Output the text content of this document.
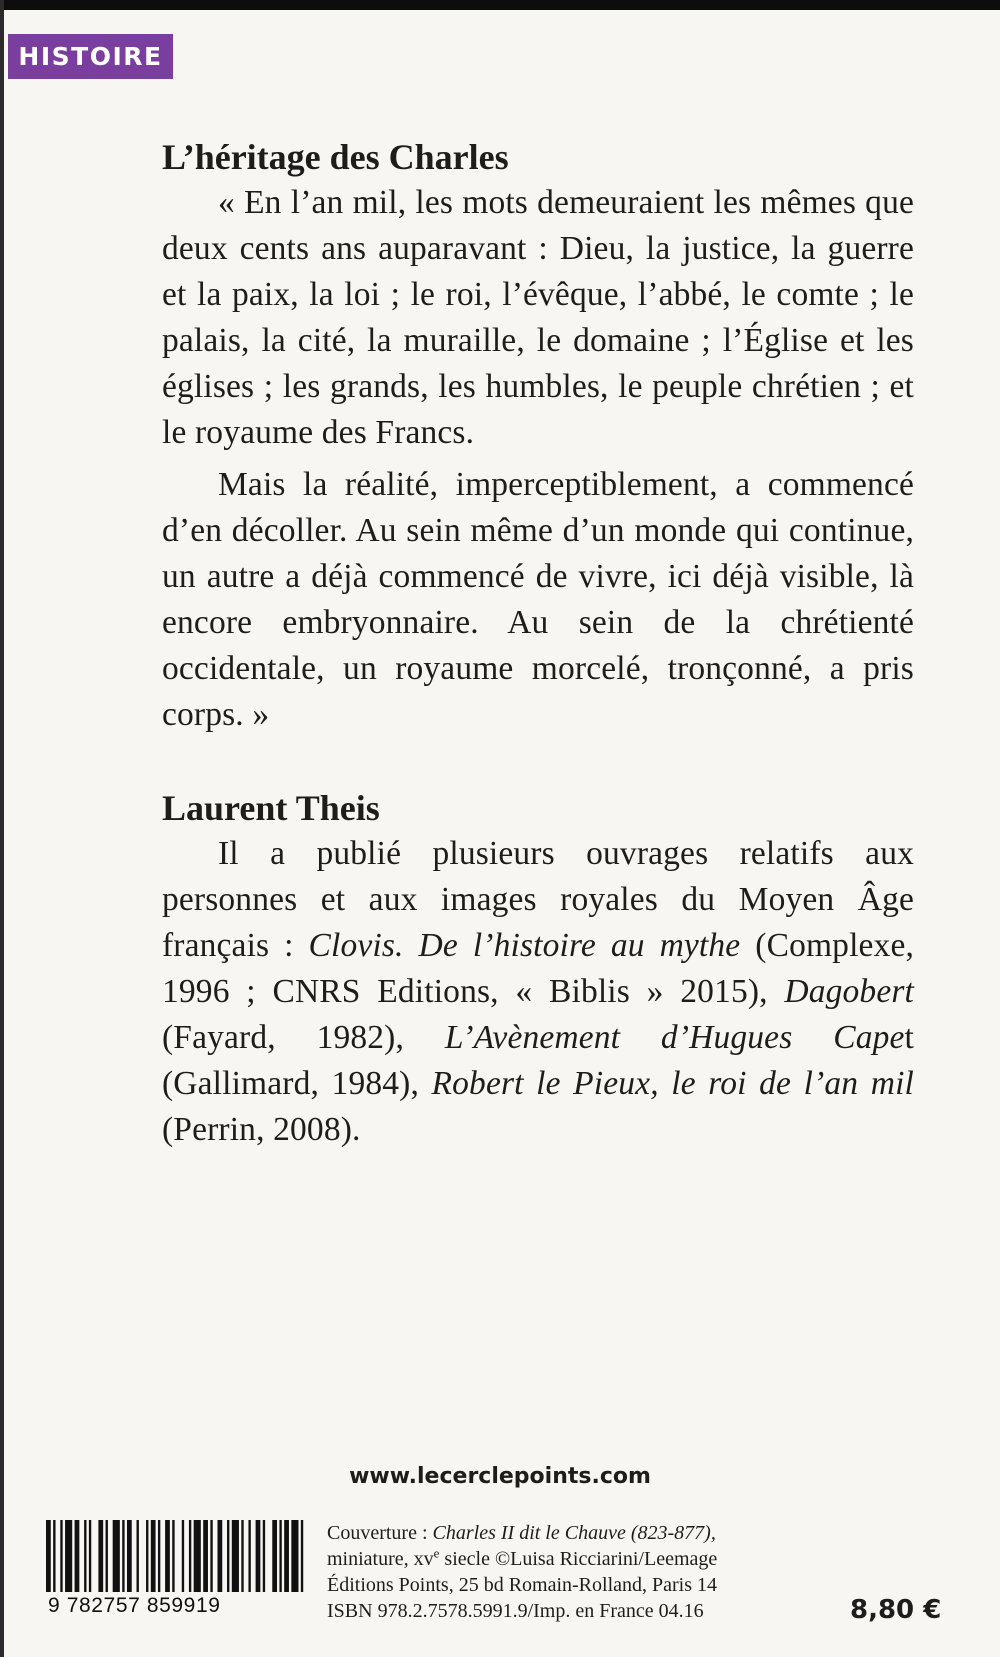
HISTOIRE
L’héritage des Charles

« En l’an mil, les mots demeuraient les mêmes que deux cents ans auparavant : Dieu, la justice, la guerre et la paix, la loi ; le roi, l’évêque, l’abbé, le comte ; le palais, la cité, la muraille, le domaine ; l’Église et les églises ; les grands, les humbles, le peuple chrétien ; et le royaume des Francs.

Mais la réalité, imperceptiblement, a commencé d’en décoller. Au sein même d’un monde qui continue, un autre a déjà commencé de vivre, ici déjà visible, là encore embryonnaire. Au sein de la chrétienté occidentale, un royaume morcelé, tronçonné, a pris corps. »

Laurent Theis

Il a publié plusieurs ouvrages relatifs aux personnes et aux images royales du Moyen Âge français : Clovis. De l’histoire au mythe (Complexe, 1996 ; CNRS Editions, « Biblis » 2015), Dagobert (Fayard, 1982), L’Avènement d’Hugues Capet (Gallimard, 1984), Robert le Pieux, le roi de l’an mil (Perrin, 2008).

www.lecerclepoints.com
9 782757 859919
Couverture : Charles II dit le Chauve (823-877),
miniature, $xv^e$ siecle ©Luisa Ricciarini/Leemage
Éditions Points, 25 bd Romain-Rolland, Paris 14
ISBN 978.2.7578.5991.9/Imp. en France 04.16	8,80 €
